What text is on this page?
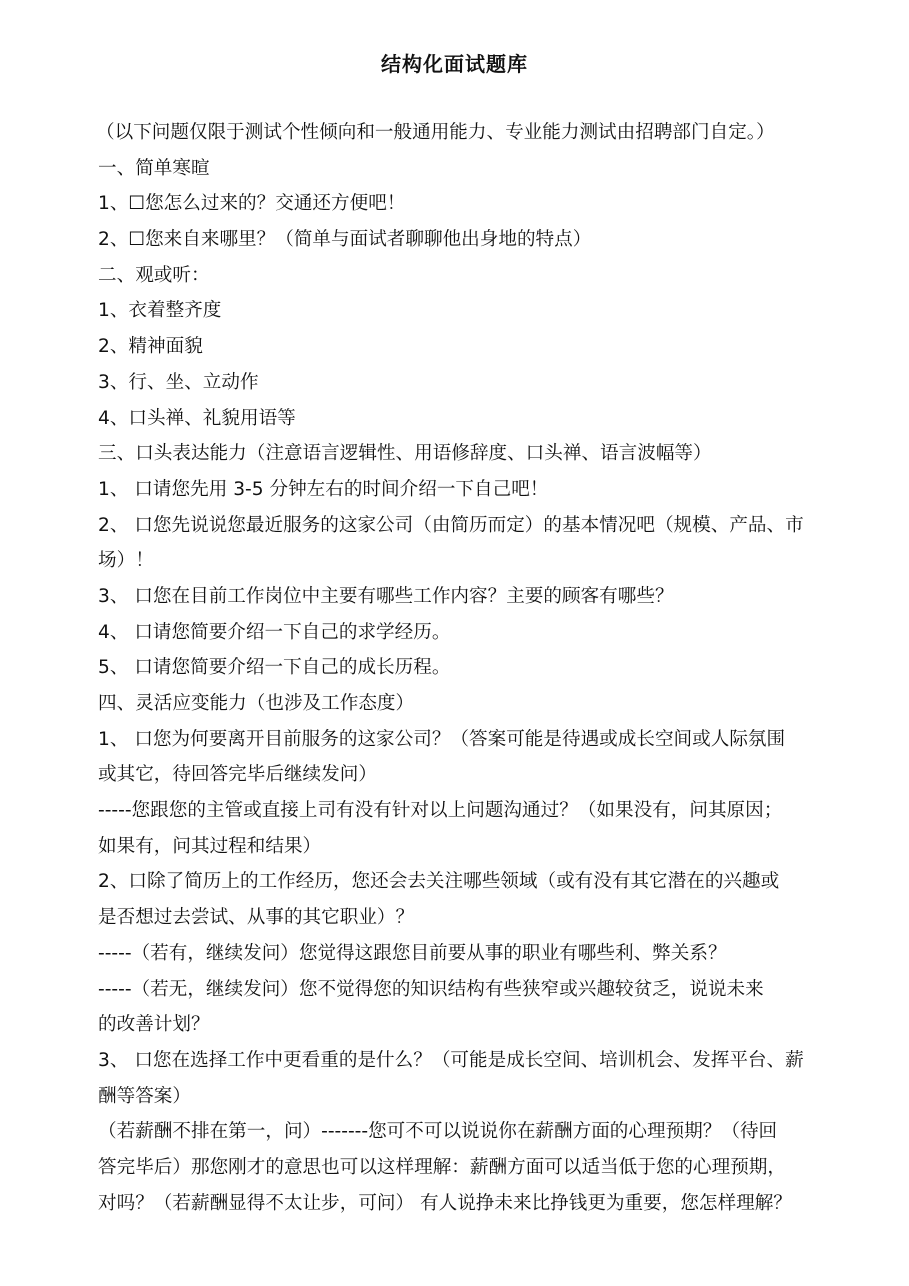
结构化面试题库
（以下问题仅限于测试个性倾向和一般通用能力、专业能力测试由招聘部门自定。）
一、简单寒暄
1、☐您怎么过来的？交通还方便吧！
2、☐您来自来哪里？（简单与面试者聊聊他出身地的特点）
二、观或听：
1、衣着整齐度
2、精神面貌
3、行、坐、立动作
4、口头禅、礼貌用语等
三、口头表达能力（注意语言逻辑性、用语修辞度、口头禅、语言波幅等）
1、 口请您先用 3-5 分钟左右的时间介绍一下自己吧！
2、 口您先说说您最近服务的这家公司（由简历而定）的基本情况吧（规模、产品、市
场）！
3、 口您在目前工作岗位中主要有哪些工作内容？主要的顾客有哪些？
4、 口请您简要介绍一下自己的求学经历。
5、 口请您简要介绍一下自己的成长历程。
四、灵活应变能力（也涉及工作态度）
1、 口您为何要离开目前服务的这家公司？（答案可能是待遇或成长空间或人际氛围
或其它，待回答完毕后继续发问）
-----您跟您的主管或直接上司有没有针对以上问题沟通过？（如果没有，问其原因；
如果有，问其过程和结果）
2、口除了简历上的工作经历，您还会去关注哪些领域（或有没有其它潜在的兴趣或
是否想过去尝试、从事的其它职业）？
-----（若有，继续发问）您觉得这跟您目前要从事的职业有哪些利、弊关系？
-----（若无，继续发问）您不觉得您的知识结构有些狭窄或兴趣较贫乏，说说未来
的改善计划？
3、 口您在选择工作中更看重的是什么？（可能是成长空间、培训机会、发挥平台、薪
酬等答案）
（若薪酬不排在第一，问）-------您可不可以说说你在薪酬方面的心理预期？（待回
答完毕后）那您刚才的意思也可以这样理解：薪酬方面可以适当低于您的心理预期，
对吗？（若薪酬显得不太让步，可问） 有人说挣未来比挣钱更为重要，您怎样理解？
